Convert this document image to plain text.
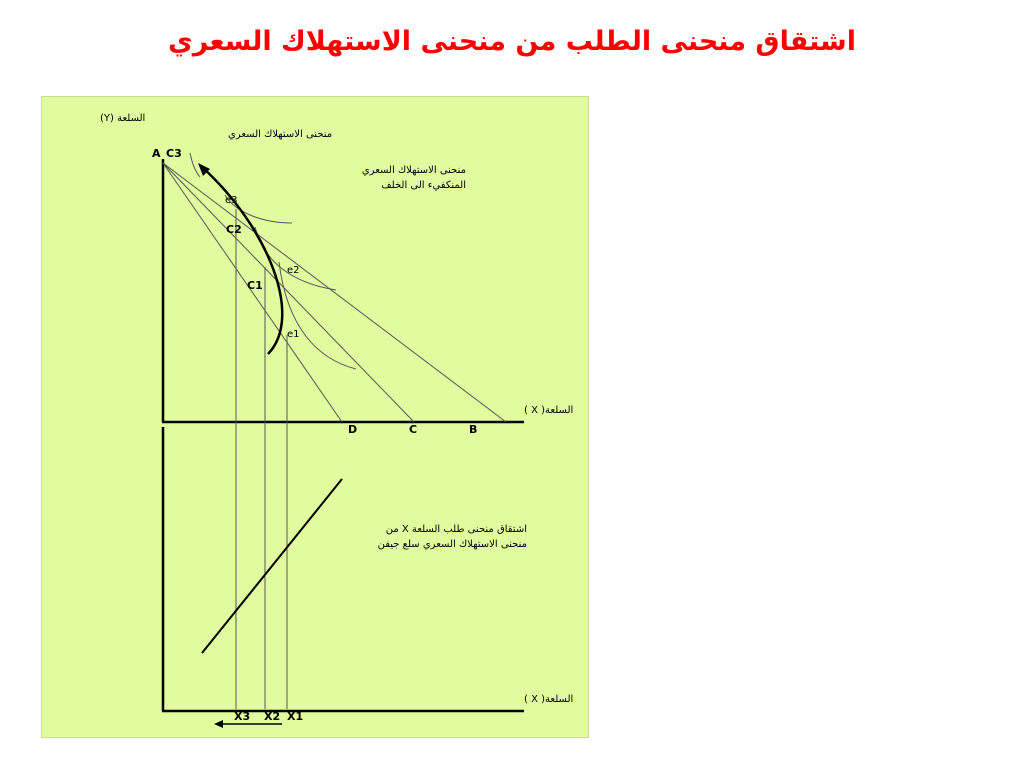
اشتقاق منحنى الطلب من منحنى الاستهلاك السعري
السلعة (Y)
منحنى الاستهلاك السعري
منحنى الاستهلاك السعري المنكفيء الى الخلف
A C3
e3
C2
e2
C1
e1
السلعة( X )
D	C	B
اشتقاق منحنى طلب السلعة X من منحنى الاستهلاك السعري سلع جيفن
السلعة( X )
X3 X2 X1
